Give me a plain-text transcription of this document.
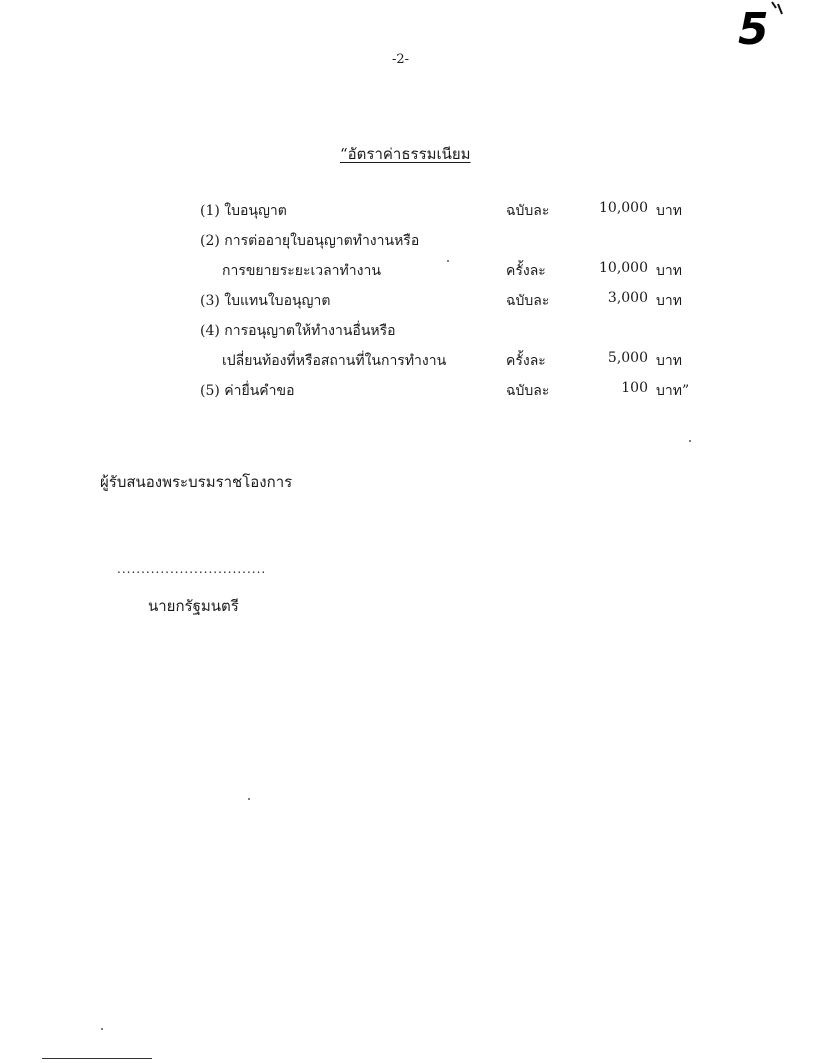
5
-2-
“อัตราค่าธรรมเนียม
(1) ใบอนุญาต	ฉบับละ	10,000 บาท
(2) การต่ออายุใบอนุญาตทำงานหรือ
การขยายระยะเวลาทำงาน	ครั้งละ	10,000 บาท
(3) ใบแทนใบอนุญาต	ฉบับละ	3,000 บาท
(4) การอนุญาตให้ทำงานอื่นหรือ
เปลี่ยนท้องที่หรือสถานที่ในการทำงาน	ครั้งละ	5,000 บาท
(5) ค่ายื่นคำขอ	ฉบับละ	100 บาท”
ผู้รับสนองพระบรมราชโองการ
...............................
นายกรัฐมนตรี
